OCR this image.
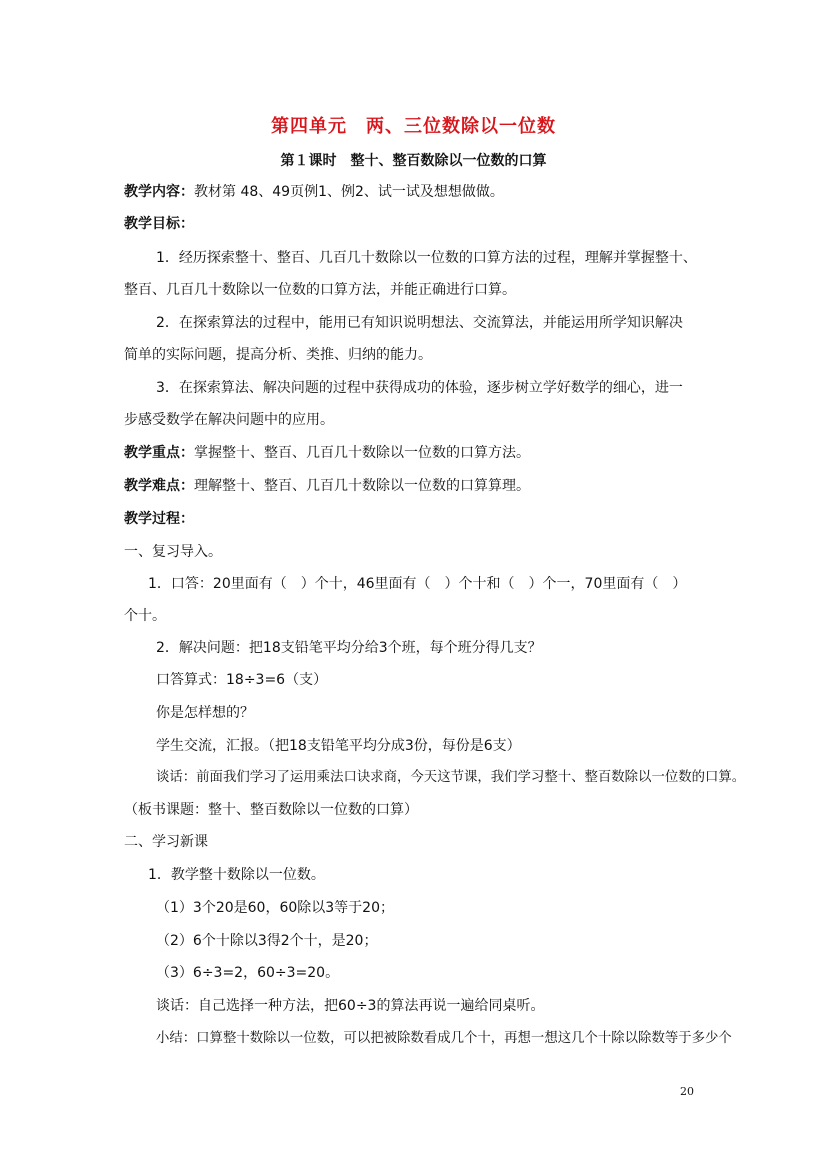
第四单元　两、三位数除以一位数
第１课时　整十、整百数除以一位数的口算
教学内容：教材第 48、49页例1、例2、试一试及想想做做。
教学目标：
1．经历探索整十、整百、几百几十数除以一位数的口算方法的过程，理解并掌握整十、
整百、几百几十数除以一位数的口算方法，并能正确进行口算。
2．在探索算法的过程中，能用已有知识说明想法、交流算法，并能运用所学知识解决
简单的实际问题，提高分析、类推、归纳的能力。
3．在探索算法、解决问题的过程中获得成功的体验，逐步树立学好数学的细心，进一
步感受数学在解决问题中的应用。
教学重点：掌握整十、整百、几百几十数除以一位数的口算方法。
教学难点：理解整十、整百、几百几十数除以一位数的口算算理。
教学过程：
一、复习导入。
1．口答：20里面有（　）个十，46里面有（　）个十和（　）个一，70里面有（　）
个十。
2．解决问题：把18支铅笔平均分给3个班，每个班分得几支？
口答算式：18÷3=6（支）
你是怎样想的？
学生交流，汇报。（把18支铅笔平均分成3份，每份是6支）
谈话：前面我们学习了运用乘法口诀求商，今天这节课，我们学习整十、整百数除以一位数的口算。
（板书课题：整十、整百数除以一位数的口算）
二、学习新课
1．教学整十数除以一位数。
（1）3个20是60，60除以3等于20；
（2）6个十除以3得2个十，是20；
（3）6÷3=2，60÷3=20。
谈话：自己选择一种方法，把60÷3的算法再说一遍给同桌听。
小结：口算整十数除以一位数，可以把被除数看成几个十，再想一想这几个十除以除数等于多少个
20
